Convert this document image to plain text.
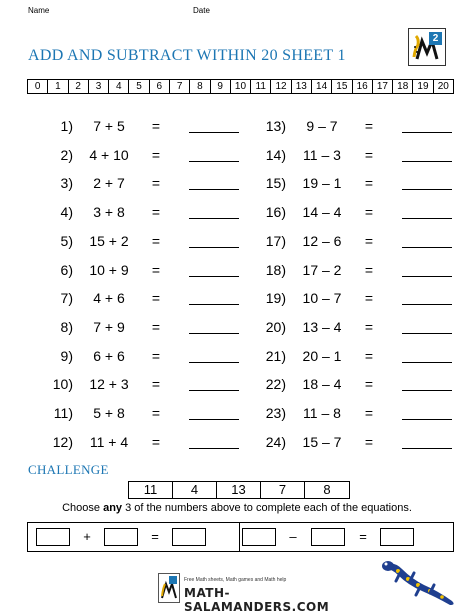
Name	Date
ADD AND SUBTRACT WITHIN 20 SHEET 1
2
0	1	2	3	4	5	6	7	8	9	10 11 12 13 14 15 16 17 18 19 20
1)	7 + 5	=
2)	4 + 10	=
3)	2 + 7	=
4)	3 + 8	=
5)	15 + 2	=
6)	10 + 9	=
7)	4 + 6	=
8)	7 + 9	=
9)	6 + 6	=
10)	12 + 3	=
11)	5 + 8	=
12)	11 + 4	=
13)	9 – 7	=
14)	11 – 3	=
15)	19 – 1	=
16)	14 – 4	=
17)	12 – 6	=
18)	17 – 2	=
19)	10 – 7	=
20)	13 – 4	=
21)	20 – 1	=
22)	18 – 4	=
23)	11 – 8	=
24)	15 – 7	=
CHALLENGE
11	4	13	7	8
Choose any 3 of the numbers above to complete each of the equations.
+	=	–	=
Free Math sheets, Math games and Math help
MATH-SALAMANDERS.COM
